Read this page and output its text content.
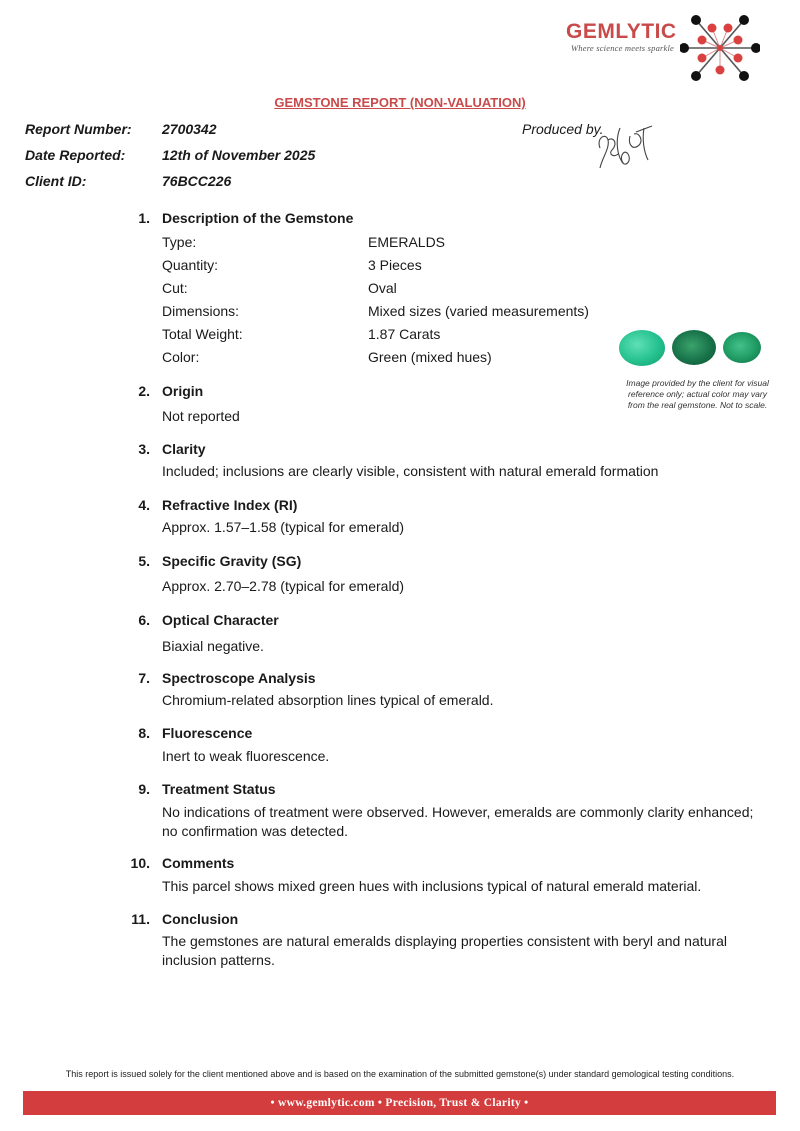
GEMLYTIC
Where science meets sparkle
GEMSTONE REPORT (NON-VALUATION)
Report Number: 2700342
Date Reported:	12th of November 2025
Client ID:	76BCC226
Produced by.
1. Description of the Gemstone
Type:	EMERALDS
Quantity:	3 Pieces
Cut:	Oval
Dimensions:	Mixed sizes (varied measurements)
Total Weight:	1.87 Carats
Color:	Green (mixed hues)
Image provided by the client for visual
reference only; actual color may vary
from the real gemstone. Not to scale.
2. Origin
Not reported
3. Clarity
Included; inclusions are clearly visible, consistent with natural emerald formation
4. Refractive Index (RI)
Approx. 1.57–1.58 (typical for emerald)
5. Specific Gravity (SG)
Approx. 2.70–2.78 (typical for emerald)
6. Optical Character
Biaxial negative.
7. Spectroscope Analysis
Chromium-related absorption lines typical of emerald.
8. Fluorescence
Inert to weak fluorescence.
9. Treatment Status
No indications of treatment were observed. However, emeralds are commonly clarity enhanced;
no confirmation was detected.
10. Comments
This parcel shows mixed green hues with inclusions typical of natural emerald material.
11. Conclusion
The gemstones are natural emeralds displaying properties consistent with beryl and natural
inclusion patterns.
This report is issued solely for the client mentioned above and is based on the examination of the submitted gemstone(s) under standard gemological testing conditions.
• www.gemlytic.com • Precision, Trust & Clarity •
